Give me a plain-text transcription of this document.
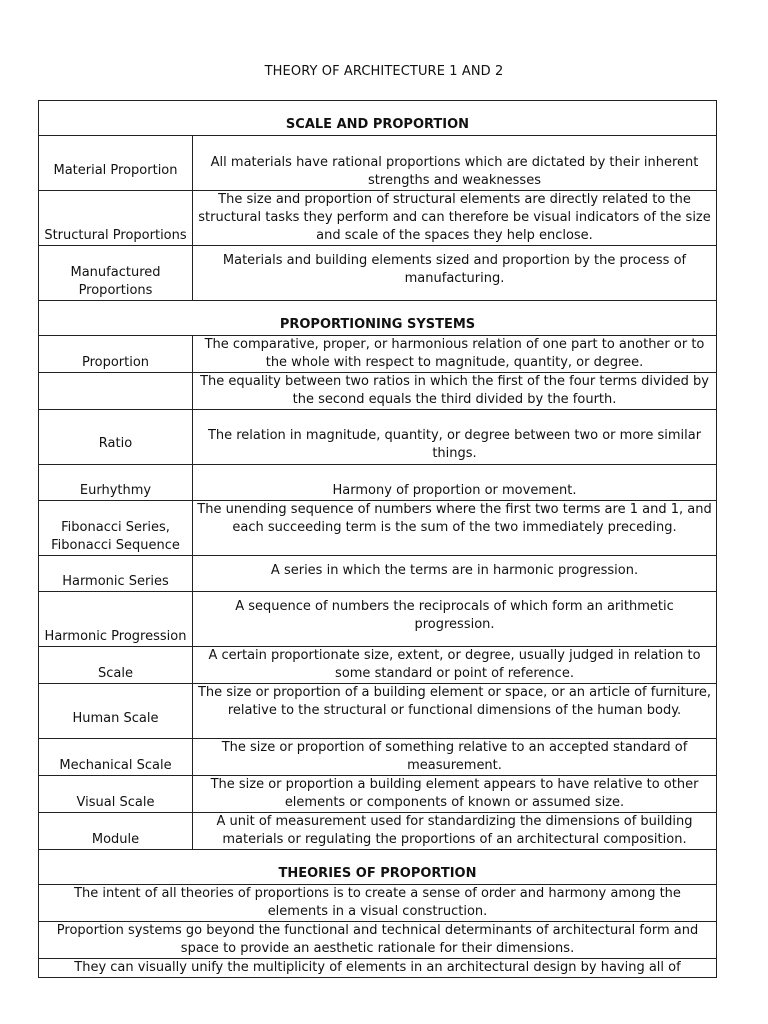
THEORY OF ARCHITECTURE 1 AND 2
SCALE AND PROPORTION	
Material Proportion	All materials have rational proportions which are dictated by their inherent strengths and weaknesses
Structural Proportions	The size and proportion of structural elements are directly related to the structural tasks they perform and can therefore be visual indicators of the size and scale of the spaces they help enclose.
Manufactured Proportions	Materials and building elements sized and proportion by the process of manufacturing.
PROPORTIONING SYSTEMS	
Proportion	The comparative, proper, or harmonious relation of one part to another or to the whole with respect to magnitude, quantity, or degree.
	The equality between two ratios in which the first of the four terms divided by the second equals the third divided by the fourth.
Ratio	The relation in magnitude, quantity, or degree between two or more similar things.
Eurhythmy	Harmony of proportion or movement.
Fibonacci Series, Fibonacci Sequence	The unending sequence of numbers where the first two terms are 1 and 1, and each succeeding term is the sum of the two immediately preceding.
Harmonic Series	A series in which the terms are in harmonic progression.
Harmonic Progression	A sequence of numbers the reciprocals of which form an arithmetic progression.
Scale	A certain proportionate size, extent, or degree, usually judged in relation to some standard or point of reference.
Human Scale	The size or proportion of a building element or space, or an article of furniture, relative to the structural or functional dimensions of the human body.
Mechanical Scale	The size or proportion of something relative to an accepted standard of measurement.
Visual Scale	The size or proportion a building element appears to have relative to other elements or components of known or assumed size.
Module	A unit of measurement used for standardizing the dimensions of building materials or regulating the proportions of an architectural composition.
THEORIES OF PROPORTION	
The intent of all theories of proportions is to create a sense of order and harmony among the elements in a visual construction.	
Proportion systems go beyond the functional and technical determinants of architectural form and space to provide an aesthetic rationale for their dimensions.	
They can visually unify the multiplicity of elements in an architectural design by having all of	
